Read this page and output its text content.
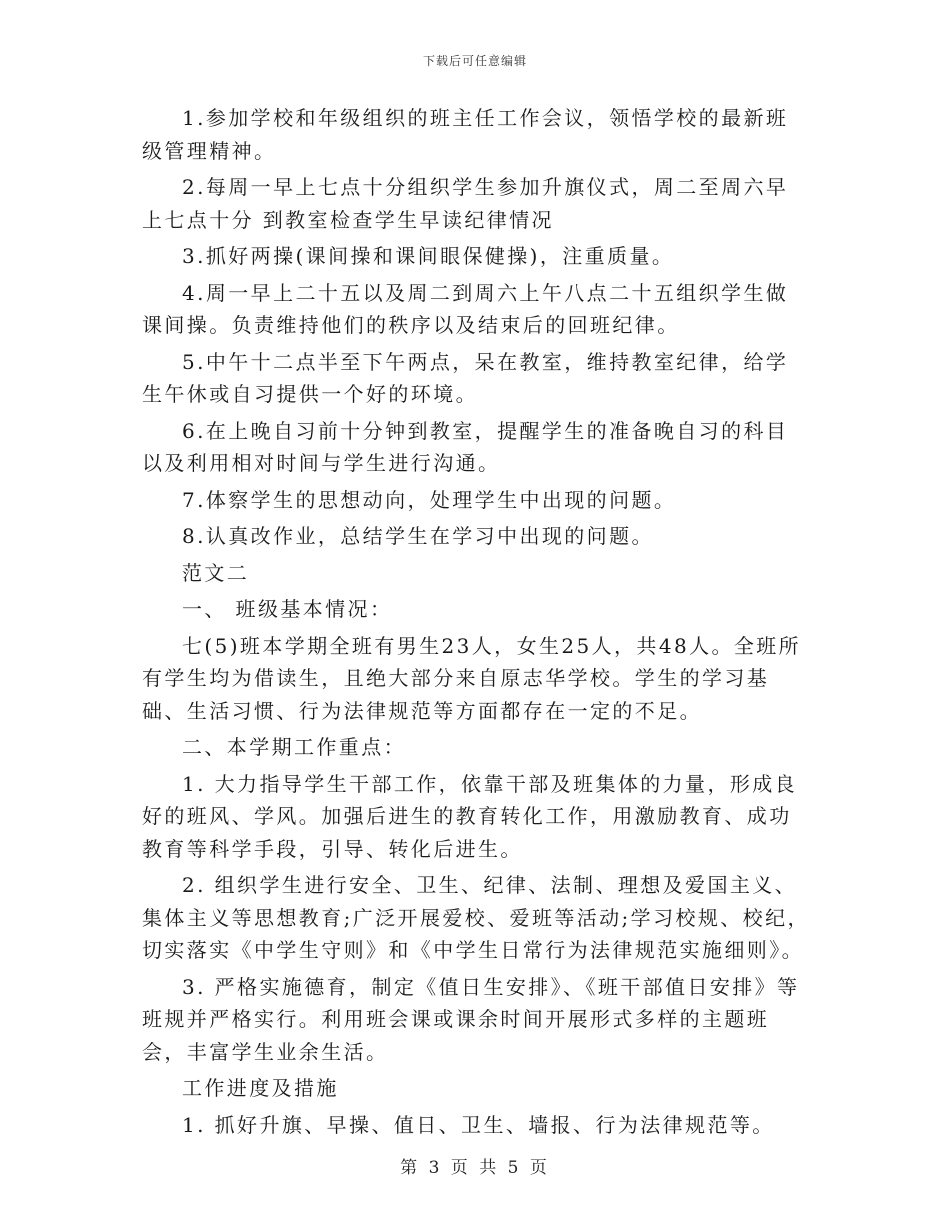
下载后可任意编辑

1.参加学校和年级组织的班主任工作会议，领悟学校的最新班级管理精神。

2.每周一早上七点十分组织学生参加升旗仪式，周二至周六早上七点十分 到教室检查学生早读纪律情况

3.抓好两操(课间操和课间眼保健操)，注重质量。

4.周一早上二十五以及周二到周六上午八点二十五组织学生做课间操。负责维持他们的秩序以及结束后的回班纪律。

5.中午十二点半至下午两点，呆在教室，维持教室纪律，给学生午休或自习提供一个好的环境。

6.在上晚自习前十分钟到教室，提醒学生的准备晚自习的科目以及利用相对时间与学生进行沟通。

7.体察学生的思想动向，处理学生中出现的问题。

8.认真改作业，总结学生在学习中出现的问题。

范文二

一、 班级基本情况：

七(5)班本学期全班有男生23人，女生25人，共48人。全班所有学生均为借读生，且绝大部分来自原志华学校。学生的学习基础、生活习惯、行为法律规范等方面都存在一定的不足。

二、本学期工作重点：

1. 大力指导学生干部工作，依靠干部及班集体的力量，形成良好的班风、学风。加强后进生的教育转化工作，用激励教育、成功教育等科学手段，引导、转化后进生。

2. 组织学生进行安全、卫生、纪律、法制、理想及爱国主义、集体主义等思想教育;广泛开展爱校、爱班等活动;学习校规、校纪，切实落实《中学生守则》和《中学生日常行为法律规范实施细则》。

3. 严格实施德育，制定《值日生安排》、《班干部值日安排》等班规并严格实行。利用班会课或课余时间开展形式多样的主题班会，丰富学生业余生活。

工作进度及措施

1. 抓好升旗、早操、值日、卫生、墙报、行为法律规范等。

第 3 页 共 5 页
